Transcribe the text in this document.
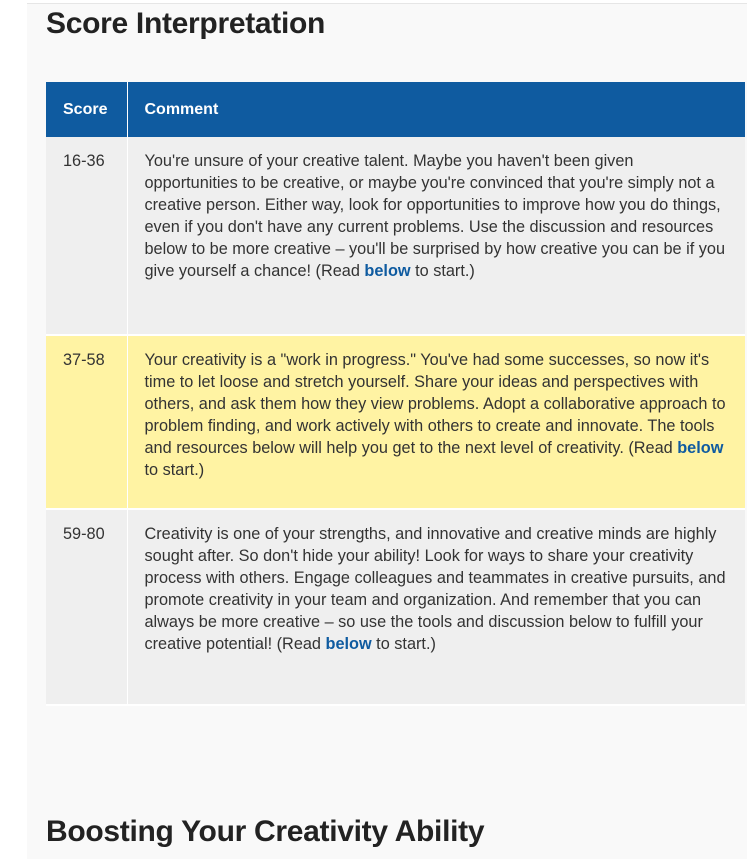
Score Interpretation
Score	Comment
16-36	You're unsure of your creative talent. Maybe you haven't been given opportunities to be creative, or maybe you're convinced that you're simply not a creative person. Either way, look for opportunities to improve how you do things, even if you don't have any current problems. Use the discussion and resources below to be more creative – you'll be surprised by how creative you can be if you give yourself a chance! (Read below to start.)
37-58	Your creativity is a "work in progress." You've had some successes, so now it's time to let loose and stretch yourself. Share your ideas and perspectives with others, and ask them how they view problems. Adopt a collaborative approach to problem finding, and work actively with others to create and innovate. The tools and resources below will help you get to the next level of creativity. (Read below to start.)
59-80	Creativity is one of your strengths, and innovative and creative minds are highly sought after. So don't hide your ability! Look for ways to share your creativity process with others. Engage colleagues and teammates in creative pursuits, and promote creativity in your team and organization. And remember that you can always be more creative – so use the tools and discussion below to fulfill your creative potential! (Read below to start.)
Boosting Your Creativity Ability
